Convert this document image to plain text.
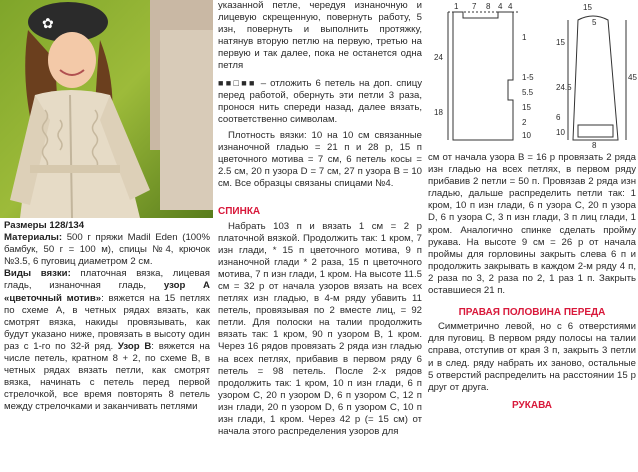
✿

Размеры 128/134

Материалы: 500 г пряжи Madil Eden (100% бамбук, 50 г = 100 м), спицы №4, крючок №3.5, 6 пуговиц диаметром 2 см.

Виды вязки: платочная вязка, лицевая гладь, изнаночная гладь, узор А «цветочный мотив»: вяжется на 15 петлях по схеме А, в четных рядах вязать, как смотрят вязка, накиды провязывать, как будут указано ниже, провязать в высоту один раз с 1-го по 32-й ряд. Узор В: вяжется на числе петель, кратном 8 + 2, по схеме В, в четных рядах вязать петли, как смотрят вязка, начинать с петель перед первой стрелочкой, все время повторять 8 петель между стрелочками и заканчивать петлями

указанной петле, чередуя изнаночную и лицевую скрещенную, повернуть работу, 5 изн, повернуть и выполнить протяжку, натянув вторую петлю на первую, третью на первую и так далее, пока не останется одна петля

■■□■■ – отложить 6 петель на доп. спицу перед работой, обернуть эти петли 3 раза, пронося нить спереди назад, далее вязать, соответственно символам.

Плотность вязки: 10 на 10 см связанные изнаночной гладью = 21 п и 28 р, 15 п цветочного мотива = 7 см, 6 петель косы = 2.5 см, 20 п узора D = 7 см, 27 п узора B = 10 см. Все образцы связаны спицами №4.

СПИНКА

Набрать 103 п и вязать 1 см = 2 р платочной вязкой. Продолжить так: 1 кром, 7 изн глади, * 15 п цветочного мотива, 9 п изнаночной глади * 2 раза, 15 п цветочного мотива, 7 п изн глади, 1 кром. На высоте 11.5 см = 32 р от начала узоров вязать на всех петлях изн гладью, в 4-м ряду убавить 11 петель, провязывая по 2 вместе лиц, = 92 петли. Для полоски на талии продолжить вязать так: 1 кром, 90 п узором B, 1 кром. Через 16 рядов провязать 2 ряда изн гладью на всех петлях, прибавив в первом ряду 6 петель = 98 петель. После 2-х рядов продолжить так: 1 кром, 10 п изн глади, 6 п узором C, 20 п узором D, 6 п узором C, 12 п изн глади, 20 п узором D, 6 п узором C, 10 п изн глади, 1 кром. Через 42 р (= 15 см) от начала этого распределения узоров для

24
18
1 7 8 4 4	15
1
1-5
5.5
15
2
10
15
24.5
45
6
10
5
8

см от начала узора B = 16 р провязать 2 ряда изн гладью на всех петлях, в первом ряду прибавив 2 петли = 50 п. Провязав 2 ряда изн гладью, дальше распределить петли так: 1 кром, 10 п изн глади, 6 п узора C, 20 п узора D, 6 п узора C, 3 п изн глади, 3 п лиц глади, 1 кром. Аналогично спинке сделать пройму рукава. На высоте 9 см = 26 р от начала проймы для горловины закрыть слева 6 п и продолжить закрывать в каждом 2-м ряду 4 п, 2 раза по 3, 2 раза по 2, 1 раз 1 п. Закрыть оставшиеся 21 п.

ПРАВАЯ ПОЛОВИНА ПЕРЕДА

Симметрично левой, но с 6 отверстиями для пуговиц. В первом ряду полосы на талии справа, отступив от края 3 п, закрыть 3 петли и в след. ряду набрать их заново, остальные 5 отверстий распределить на расстоянии 15 р друг от друга.

РУКАВА
